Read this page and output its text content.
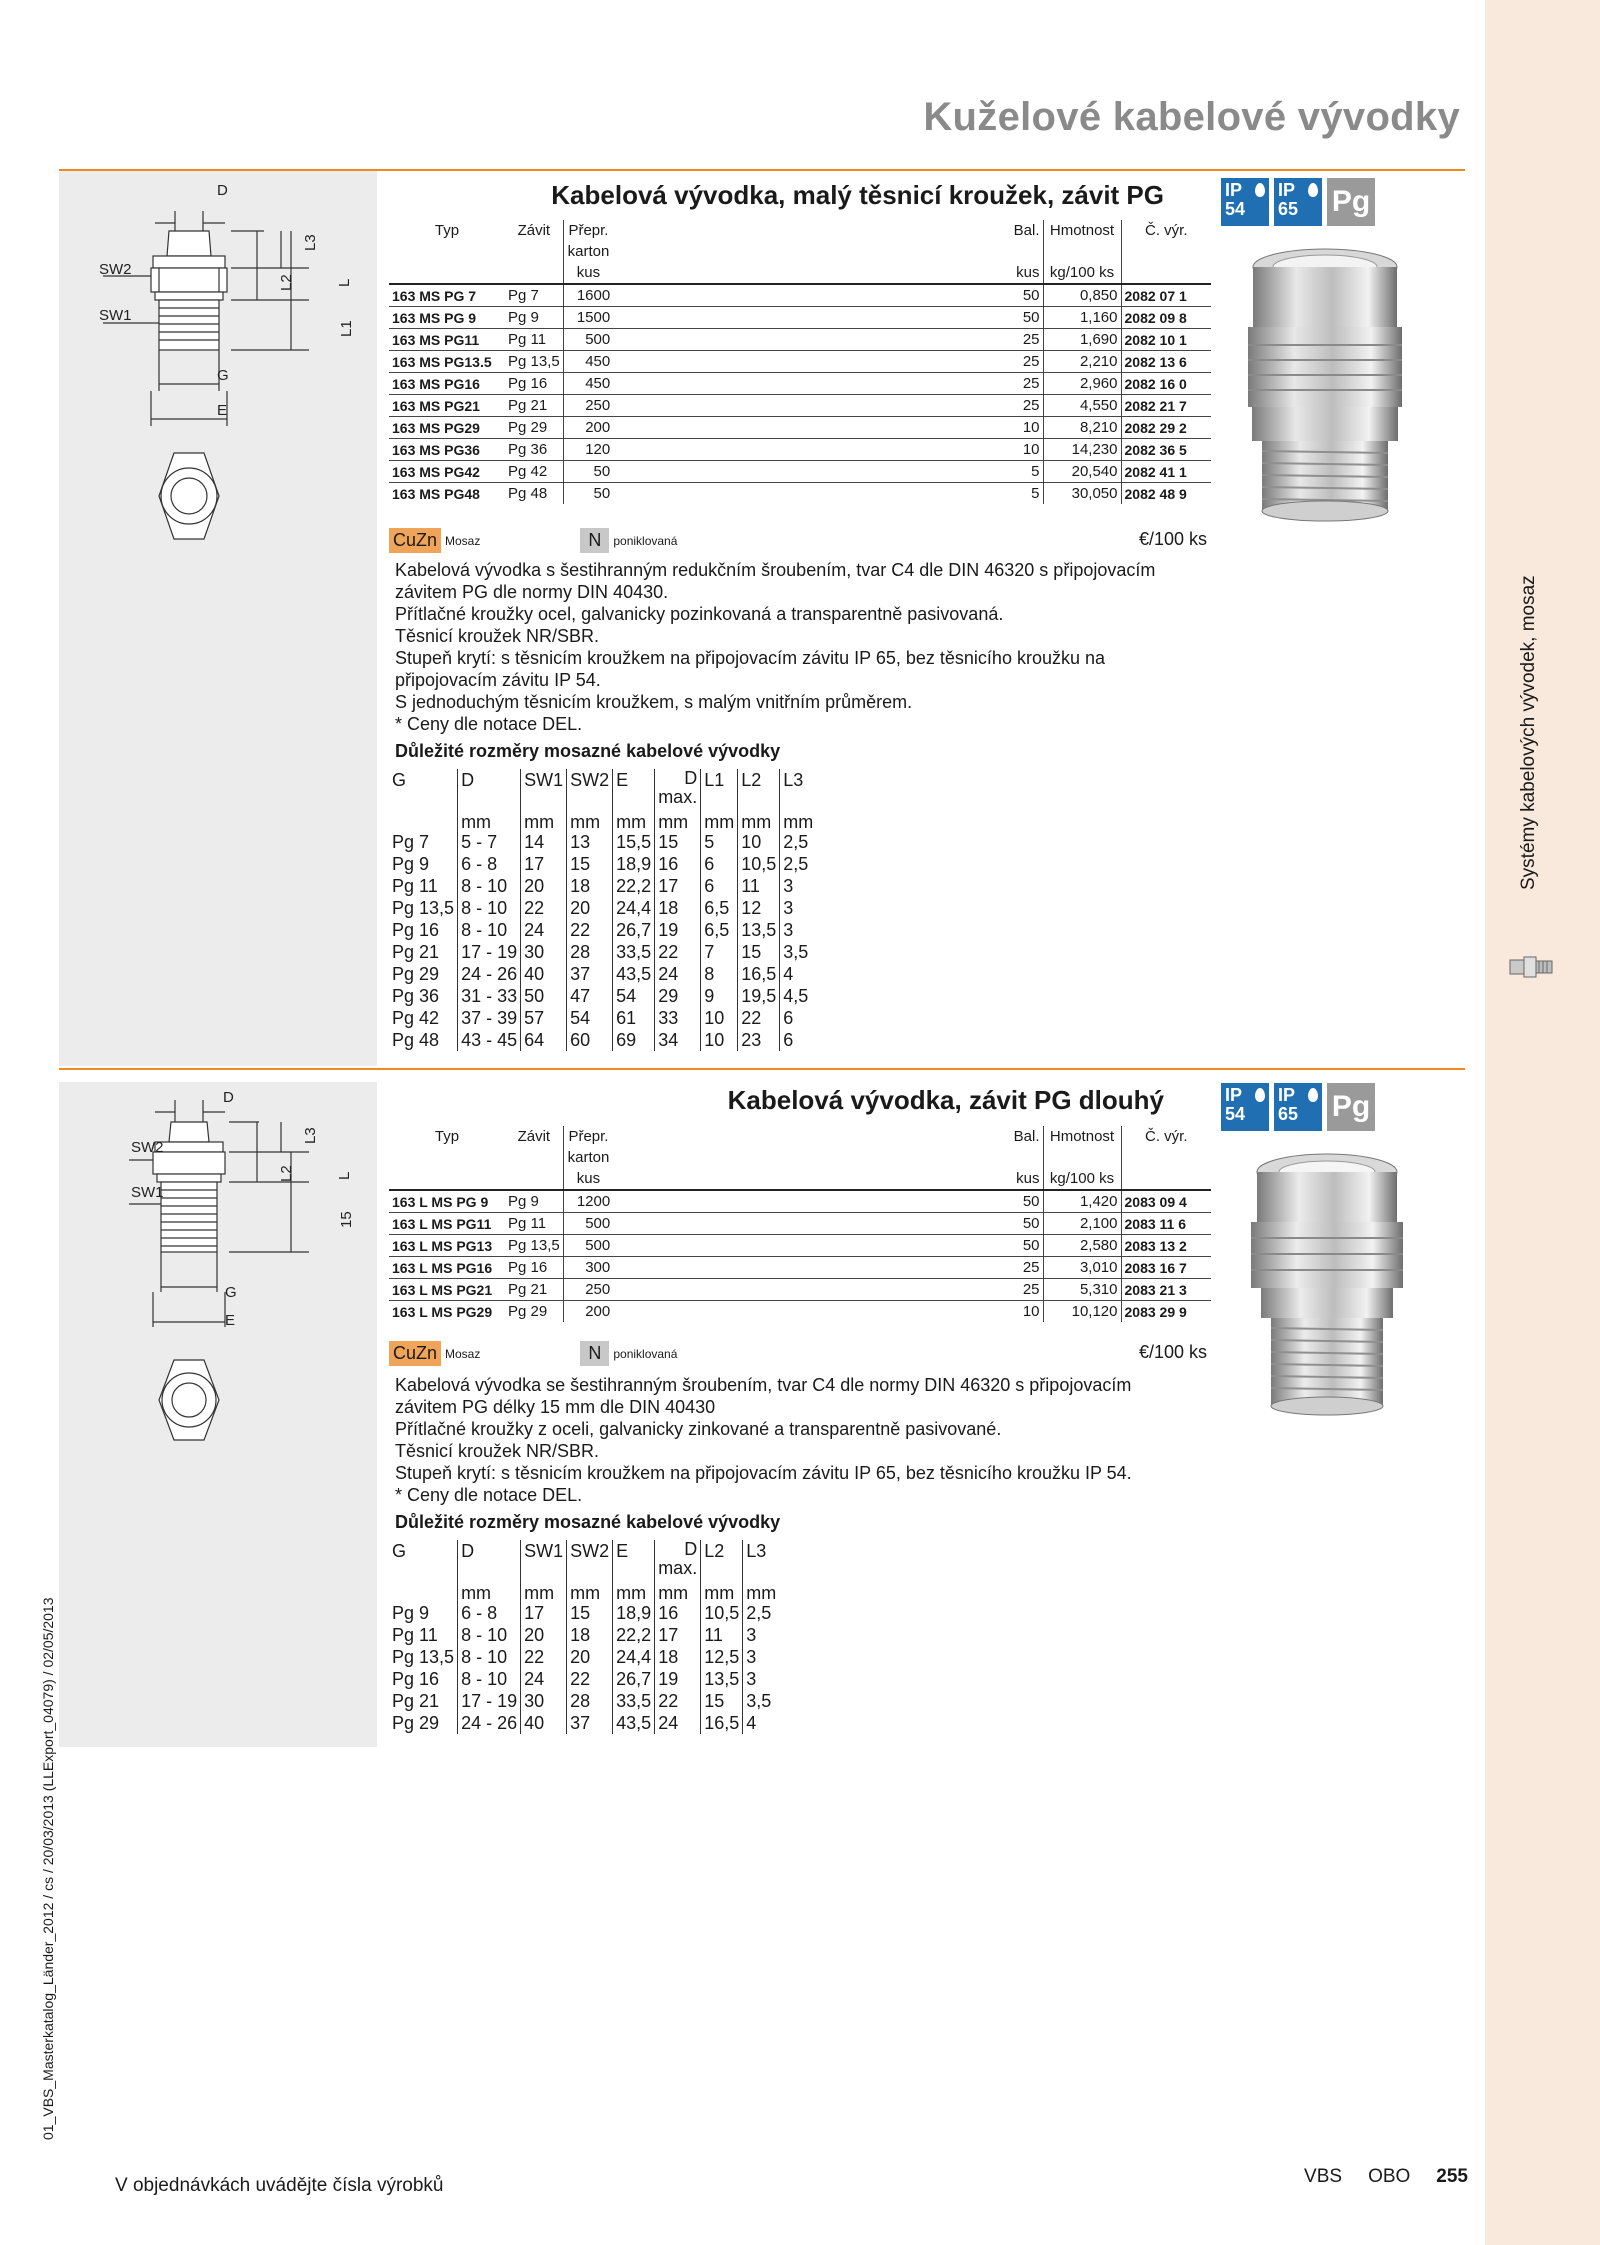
Systémy kabelových vývodek, mosaz
Kuželové kabelové vývodky
D
SW2
SW1
G
E
L3
L2	L
L1
Kabelová vývodka, malý těsnicí kroužek, závit PG	IP
54
IP
65	Pg
Typ	Závit	Přepr. karton		Bal.	Hmotnost	Č. výr.
		kus		kus	kg/100 ks	
163 MS PG 7	Pg 7	1600		50	0,850	2082 07 1
163 MS PG 9	Pg 9	1500		50	1,160	2082 09 8
163 MS PG11	Pg 11	500		25	1,690	2082 10 1
163 MS PG13.5	Pg 13,5	450		25	2,210	2082 13 6
163 MS PG16	Pg 16	450		25	2,960	2082 16 0
163 MS PG21	Pg 21	250		25	4,550	2082 21 7
163 MS PG29	Pg 29	200		10	8,210	2082 29 2
163 MS PG36	Pg 36	120		10	14,230	2082 36 5
163 MS PG42	Pg 42	50		5	20,540	2082 41 1
163 MS PG48	Pg 48	50		5	30,050	2082 48 9
CuZn Mosaz	N	poniklovaná	€/100 ks
Kabelová vývodka s šestihranným redukčním šroubením, tvar C4 dle DIN 46320 s připojovacím
závitem PG dle normy DIN 40430.
Přítlačné kroužky ocel, galvanicky pozinkovaná a transparentně pasivovaná.
Těsnicí kroužek NR/SBR.
Stupeň krytí: s těsnicím kroužkem na připojovacím závitu IP 65, bez těsnicího kroužku na
připojovacím závitu IP 54.
S jednoduchým těsnicím kroužkem, s malým vnitřním průměrem.
* Ceny dle notace DEL.
Důležité rozměry mosazné kabelové vývodky
G	D	SW1	SW2	E	D max.	L1	L2	L3
	mm	mm	mm	mm	mm	mm	mm	mm
Pg 7	5 - 7	14	13	15,5	15	5	10	2,5
Pg 9	6 - 8	17	15	18,9	16	6	10,5	2,5
Pg 11	8 - 10	20	18	22,2	17	6	11	3
Pg 13,5	8 - 10	22	20	24,4	18	6,5	12	3
Pg 16	8 - 10	24	22	26,7	19	6,5	13,5	3
Pg 21	17 - 19	30	28	33,5	22	7	15	3,5
Pg 29	24 - 26	40	37	43,5	24	8	16,5	4
Pg 36	31 - 33	50	47	54	29	9	19,5	4,5
Pg 42	37 - 39	57	54	61	33	10	22	6
Pg 48	43 - 45	64	60	69	34	10	23	6
D
SW2
SW1
G
E
L3
L2	L
15
Kabelová vývodka, závit PG dlouhý	IP
54
IP
65	Pg
Typ	Závit	Přepr. karton		Bal.	Hmotnost	Č. výr.
		kus		kus	kg/100 ks	
163 L MS PG 9	Pg 9	1200		50	1,420	2083 09 4
163 L MS PG11	Pg 11	500		50	2,100	2083 11 6
163 L MS PG13	Pg 13,5	500		50	2,580	2083 13 2
163 L MS PG16	Pg 16	300		25	3,010	2083 16 7
163 L MS PG21	Pg 21	250		25	5,310	2083 21 3
163 L MS PG29	Pg 29	200		10	10,120	2083 29 9
CuZn Mosaz	N	poniklovaná	€/100 ks
Kabelová vývodka se šestihranným šroubením, tvar C4 dle normy DIN 46320 s připojovacím
závitem PG délky 15 mm dle DIN 40430
Přítlačné kroužky z oceli, galvanicky zinkované a transparentně pasivované.
Těsnicí kroužek NR/SBR.
Stupeň krytí: s těsnicím kroužkem na připojovacím závitu IP 65, bez těsnicího kroužku IP 54.
* Ceny dle notace DEL.
Důležité rozměry mosazné kabelové vývodky
G	D	SW1	SW2	E	D max.	L2	L3
	mm	mm	mm	mm	mm	mm	mm
Pg 9	6 - 8	17	15	18,9	16	10,5	2,5
Pg 11	8 - 10	20	18	22,2	17	11	3
Pg 13,5	8 - 10	22	20	24,4	18	12,5	3
Pg 16	8 - 10	24	22	26,7	19	13,5	3
Pg 21	17 - 19	30	28	33,5	22	15	3,5
Pg 29	24 - 26	40	37	43,5	24	16,5	4
01_VBS_Masterkatalog_Länder_2012 / cs / 20/03/2013 (LLExport_04079) / 02/05/2013
V objednávkách uvádějte čísla výrobků	VBS OBO 255
